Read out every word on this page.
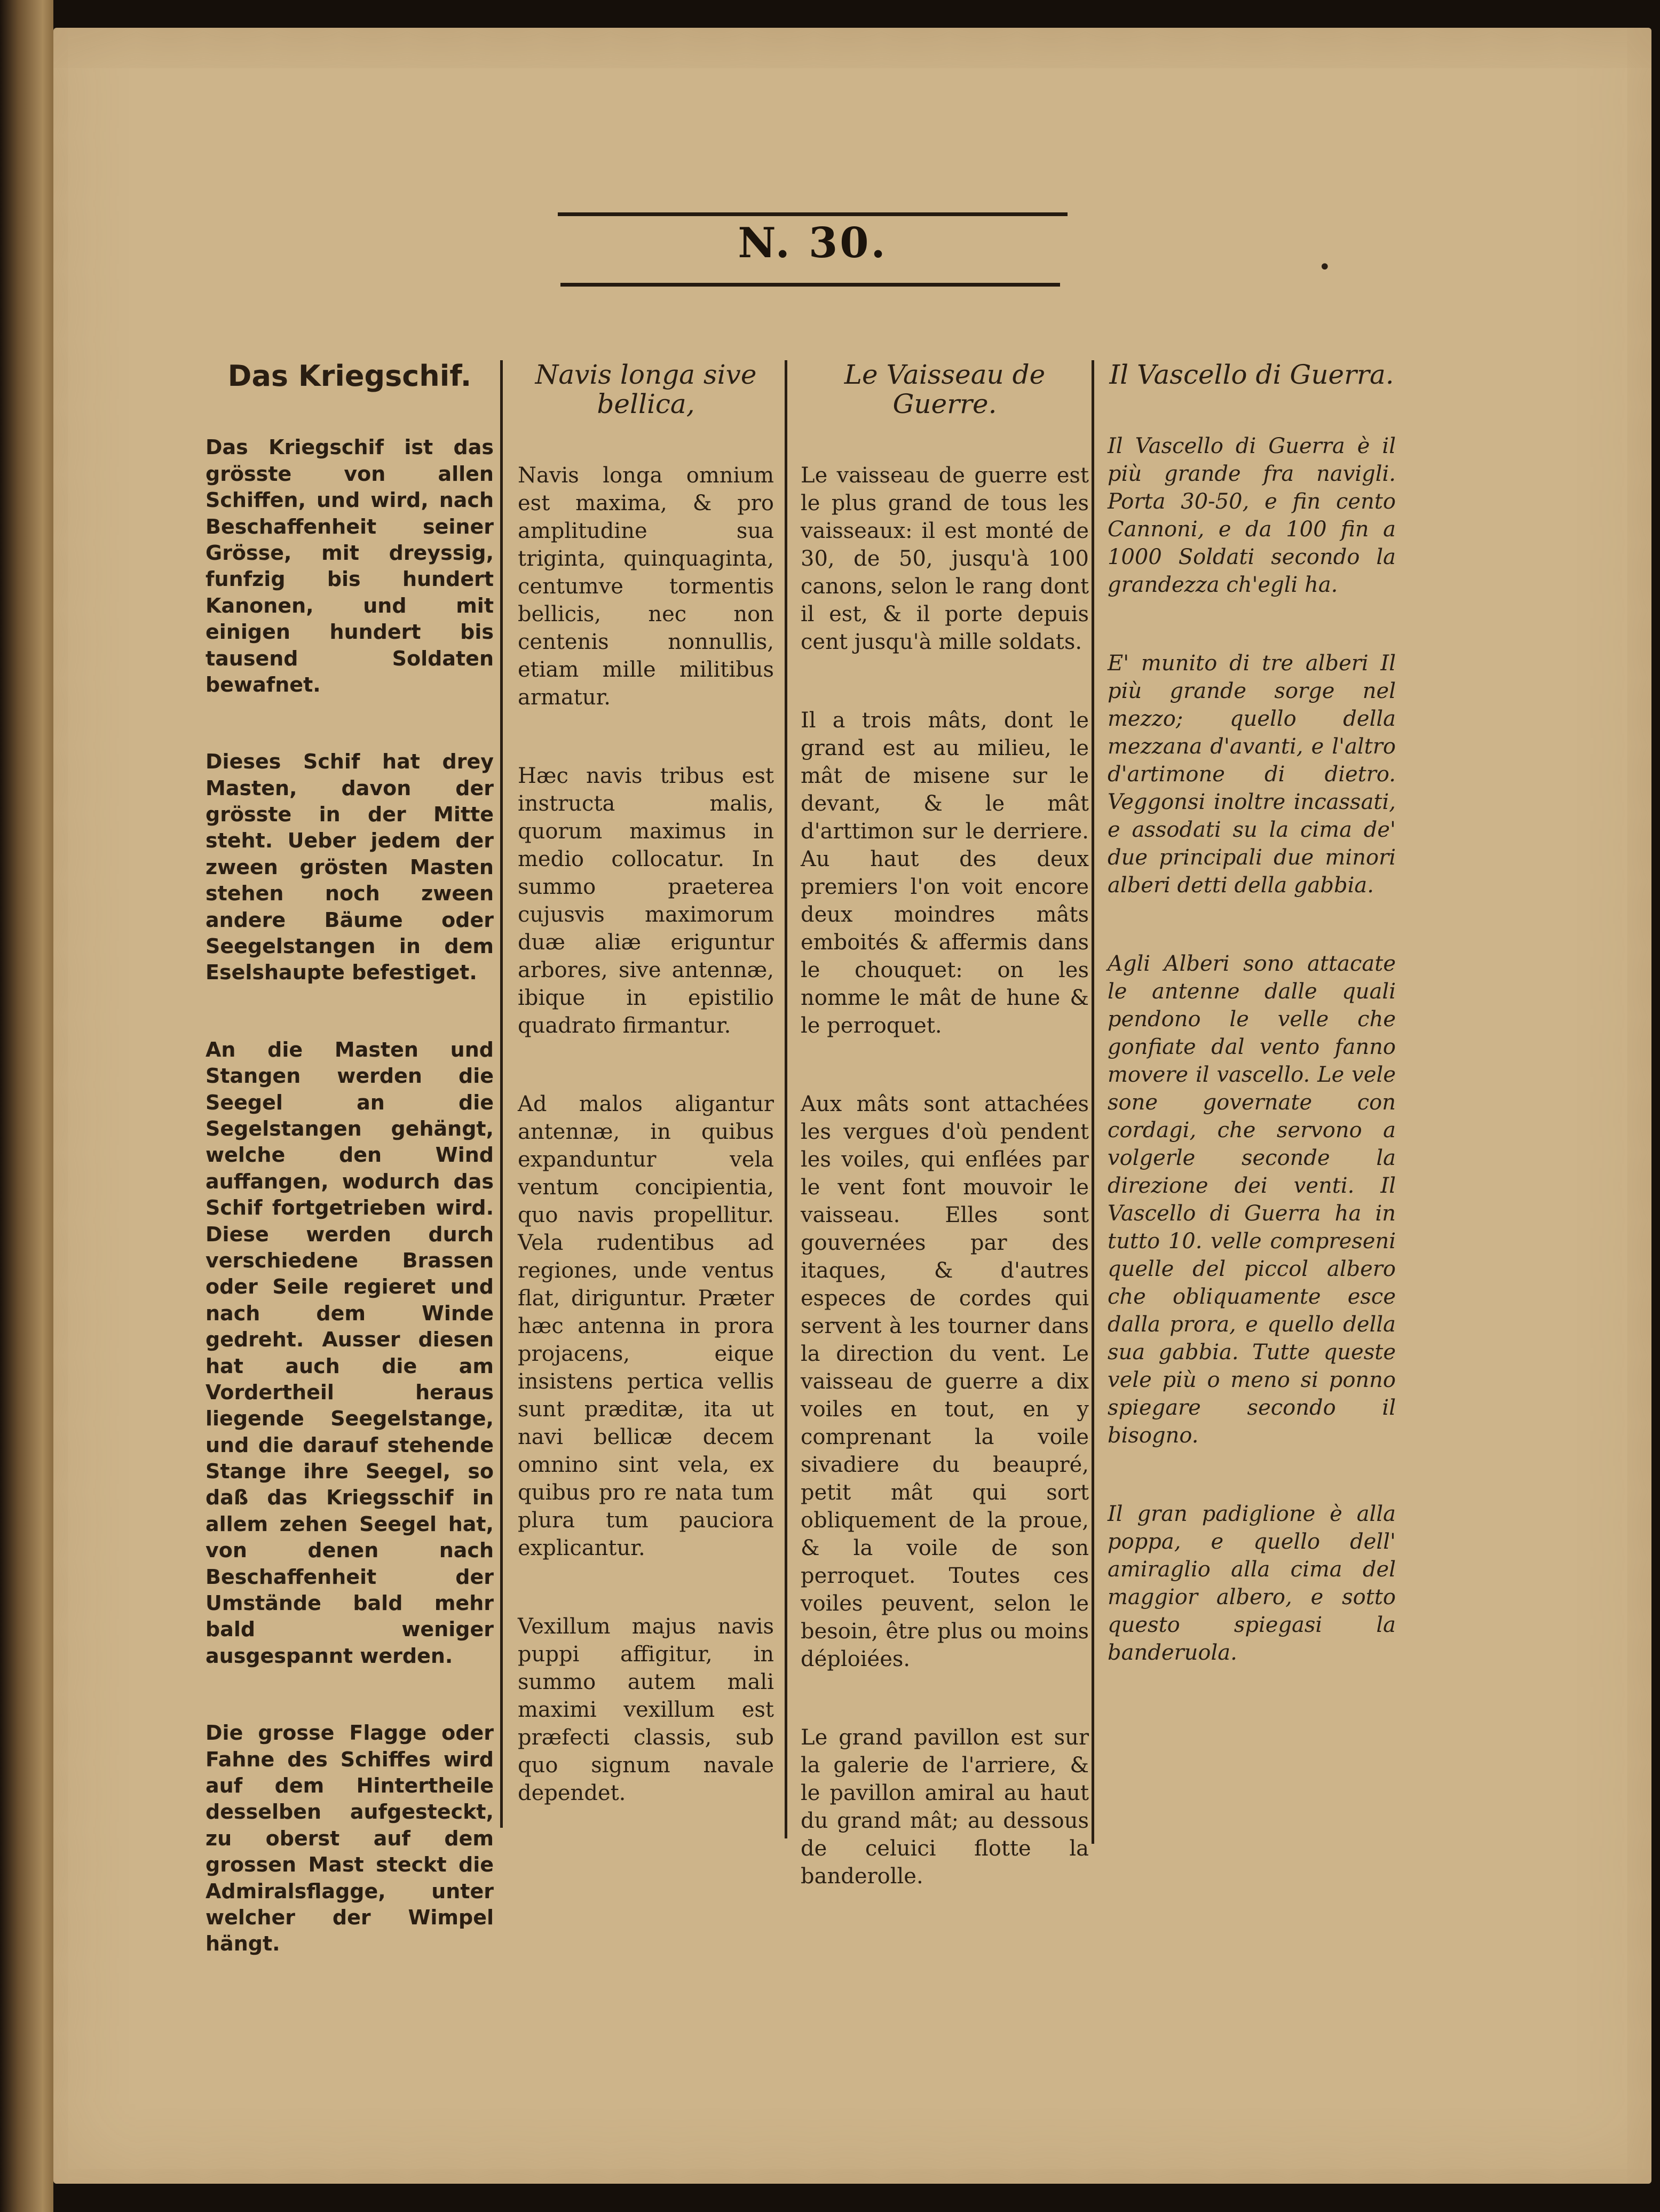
N. 30.	•
Das Kriegschif.

Das Kriegschif ist das grösste von allen Schiffen, und wird, nach Beschaffenheit seiner Grösse, mit dreyssig, funfzig bis hundert Kanonen, und mit einigen hundert bis tausend Soldaten bewafnet.

Dieses Schif hat drey Masten, davon der grösste in der Mitte steht. Ueber jedem der zween grösten Masten stehen noch zween andere Bäume oder Seegelstangen in dem Eselshaupte befestiget.

An die Masten und Stangen werden die Seegel an die Segelstangen gehängt, welche den Wind auffangen, wodurch das Schif fortgetrieben wird. Diese werden durch verschiedene Brassen oder Seile regieret und nach dem Winde gedreht. Ausser diesen hat auch die am Vordertheil heraus liegende Seegelstange, und die darauf stehende Stange ihre Seegel, so daß das Kriegsschif in allem zehen Seegel hat, von denen nach Beschaffenheit der Umstände bald mehr bald weniger ausgespannt werden.

Die grosse Flagge oder Fahne des Schiffes wird auf dem Hintertheile desselben aufgesteckt, zu oberst auf dem grossen Mast steckt die Admiralsflagge, unter welcher der Wimpel hängt.

Navis longa sive bellica,

Navis longa omnium est maxima, & pro amplitudine sua triginta, quinquaginta, centumve tormentis bellicis, nec non centenis nonnullis, etiam mille militibus armatur.

Hæc navis tribus est instructa malis, quorum maximus in medio collocatur. In summo praeterea cujusvis maximorum duæ aliæ eriguntur arbores, sive antennæ, ibique in epistilio quadrato firmantur.

Ad malos aligantur antennæ, in quibus expanduntur vela ventum concipientia, quo navis propellitur. Vela rudentibus ad regiones, unde ventus flat, diriguntur. Præter hæc antenna in prora projacens, eique insistens pertica vellis sunt præditæ, ita ut navi bellicæ decem omnino sint vela, ex quibus pro re nata tum plura tum pauciora explicantur.

Vexillum majus navis puppi affigitur, in summo autem mali maximi vexillum est præfecti classis, sub quo signum navale dependet.

Le Vaisseau de Guerre.

Le vaisseau de guerre est le plus grand de tous les vaisseaux: il est monté de 30, de 50, jusqu'à 100 canons, selon le rang dont il est, & il porte depuis cent jusqu'à mille soldats.

Il a trois mâts, dont le grand est au milieu, le mât de misene sur le devant, & le mât d'arttimon sur le derriere. Au haut des deux premiers l'on voit encore deux moindres mâts emboités & affermis dans le chouquet: on les nomme le mât de hune & le perroquet.

Aux mâts sont attachées les vergues d'où pendent les voiles, qui enflées par le vent font mouvoir le vaisseau. Elles sont gouvernées par des itaques, & d'autres especes de cordes qui servent à les tourner dans la direction du vent. Le vaisseau de guerre a dix voiles en tout, en y comprenant la voile sivadiere du beaupré, petit mât qui sort obliquement de la proue, & la voile de son perroquet. Toutes ces voiles peuvent, selon le besoin, être plus ou moins déploiées.

Le grand pavillon est sur la galerie de l'arriere, & le pavillon amiral au haut du grand mât; au dessous de celuici flotte la banderolle.

Il Vascello di Guerra.

Il Vascello di Guerra è il più grande fra navigli. Porta 30-50, e fin cento Cannoni, e da 100 fin a 1000 Soldati secondo la grandezza ch'egli ha.

E' munito di tre alberi Il più grande sorge nel mezzo; quello della mezzana d'avanti, e l'altro d'artimone di dietro. Veggonsi inoltre incassati, e assodati su la cima de' due principali due minori alberi detti della gabbia.

Agli Alberi sono attacate le antenne dalle quali pendono le velle che gonfiate dal vento fanno movere il vascello. Le vele sone governate con cordagi, che servono a volgerle seconde la direzione dei venti. Il Vascello di Guerra ha in tutto 10. velle compreseni quelle del piccol albero che obliquamente esce dalla prora, e quello della sua gabbia. Tutte queste vele più o meno si ponno spiegare secondo il bisogno.

Il gran padiglione è alla poppa, e quello dell' amiraglio alla cima del maggior albero, e sotto questo spiegasi la banderuola.
